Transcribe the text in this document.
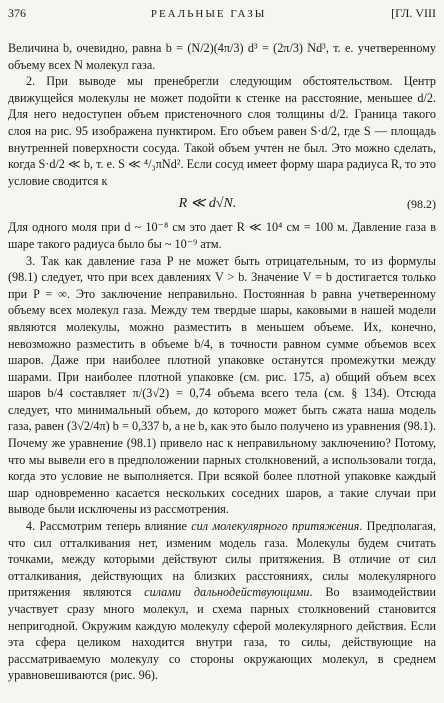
376	РЕАЛЬНЫЕ ГАЗЫ	[ГЛ. VIII

Величина b, очевидно, равна b = (N/2)(4π/3) d³ = (2π/3) Nd³, т. е. учетверенному объему всех N молекул газа.

2. При выводе мы пренебрегли следующим обстоятельством. Центр движущейся молекулы не может подойти к стенке на расстояние, меньшее d/2. Для него недоступен объем пристеночного слоя толщины d/2. Граница такого слоя на рис. 95 изображена пунктиром. Его объем равен S·d/2, где S — площадь внутренней поверхности сосуда. Такой объем учтен не был. Это можно сделать, когда S·d/2 ≪ b, т. е. S ≪ ⁴/₃πNd². Если сосуд имеет форму шара радиуса R, то это условие сводится к

R ≪ d√N.	(98.2)

Для одного моля при d ~ 10⁻⁸ см это дает R ≪ 10⁴ см = 100 м. Давление газа в шаре такого радиуса было бы ~ 10⁻⁹ атм.

3. Так как давление газа P не может быть отрицательным, то из формулы (98.1) следует, что при всех давлениях V > b. Значение V = b достигается только при P = ∞. Это заключение неправильно. Постоянная b равна учетверенному объему всех молекул газа. Между тем твердые шары, каковыми в нашей модели являются молекулы, можно разместить в меньшем объеме. Их, конечно, невозможно разместить в объеме b/4, в точности равном сумме объемов всех шаров. Даже при наиболее плотной упаковке останутся промежутки между шарами. При наиболее плотной упаковке (см. рис. 175, а) общий объем всех шаров b/4 составляет π/(3√2) = 0,74 объема всего тела (см. § 134). Отсюда следует, что минимальный объем, до которого может быть сжата наша модель газа, равен (3√2/4π) b = 0,337 b, а не b, как это было получено из уравнения (98.1). Почему же уравнение (98.1) привело нас к неправильному заключению? Потому, что мы вывели его в предположении парных столкновений, а использовали тогда, когда это условие не выполняется. При всякой более плотной упаковке каждый шар одновременно касается нескольких соседних шаров, а такие случаи при выводе были исключены из рассмотрения.

4. Рассмотрим теперь влияние сил молекулярного притяжения. Предполагая, что сил отталкивания нет, изменим модель газа. Молекулы будем считать точками, между которыми действуют силы притяжения. В отличие от сил отталкивания, действующих на близких расстояниях, силы молекулярного притяжения являются силами дальнодействующими. Во взаимодействии участвует сразу много молекул, и схема парных столкновений становится непригодной. Окружим каждую молекулу сферой молекулярного действия. Если эта сфера целиком находится внутри газа, то силы, действующие на рассматриваемую молекулу со стороны окружающих молекул, в среднем уравновешиваются (рис. 96).
